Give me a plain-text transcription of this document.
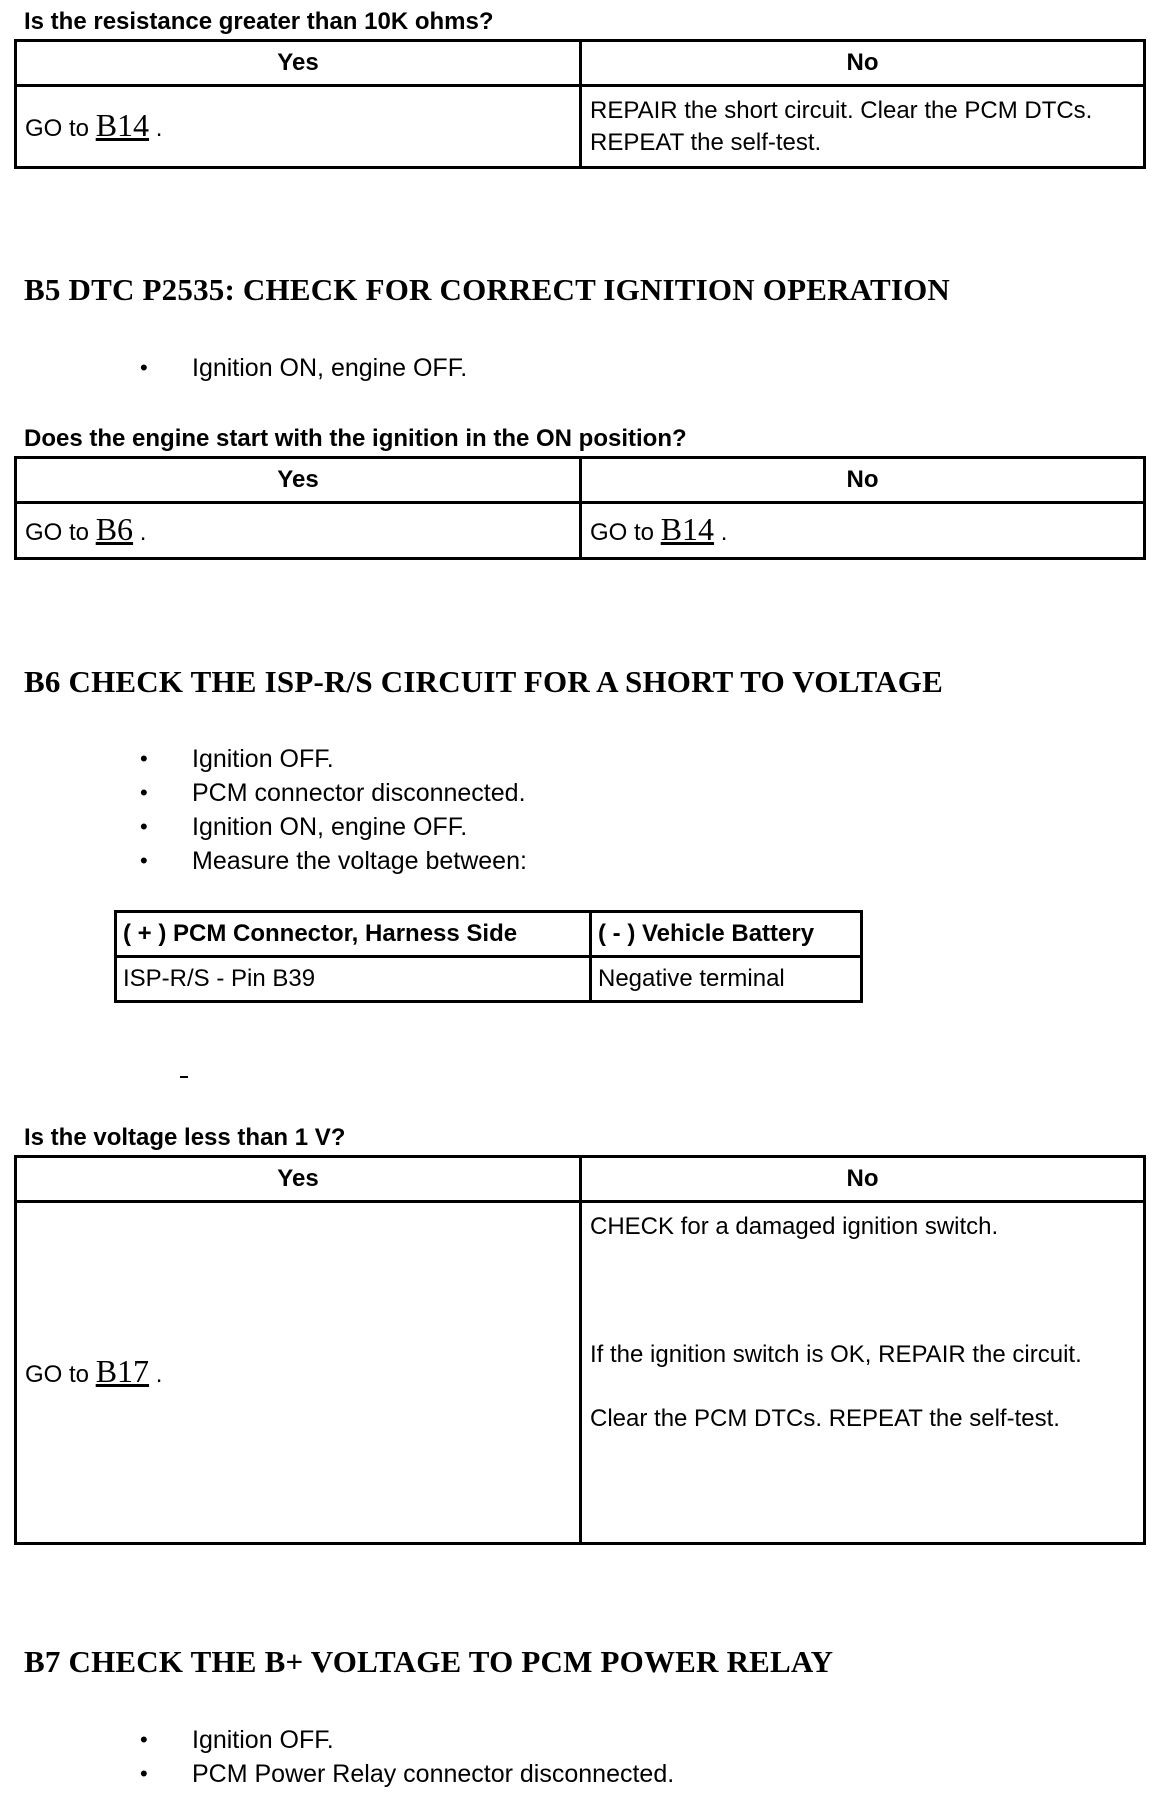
Is the resistance greater than 10K ohms?
Yes	No
GO to B14 .	REPAIR the short circuit. Clear the PCM DTCs. REPEAT the self-test.
B5 DTC P2535: CHECK FOR CORRECT IGNITION OPERATION
• Ignition ON, engine OFF.
Does the engine start with the ignition in the ON position?
Yes	No
GO to B6 .	GO to B14 .
B6 CHECK THE ISP-R/S CIRCUIT FOR A SHORT TO VOLTAGE
• Ignition OFF.
• PCM connector disconnected.
• Ignition ON, engine OFF.
• Measure the voltage between:
( + ) PCM Connector, Harness Side	( - ) Vehicle Battery
ISP-R/S - Pin B39	Negative terminal
Is the voltage less than 1 V?
Yes	No
GO to B17 .	CHECK for a damaged ignition switch.
If the ignition switch is OK, REPAIR the circuit.
Clear the PCM DTCs. REPEAT the self-test.
B7 CHECK THE B+ VOLTAGE TO PCM POWER RELAY
• Ignition OFF.
• PCM Power Relay connector disconnected.
